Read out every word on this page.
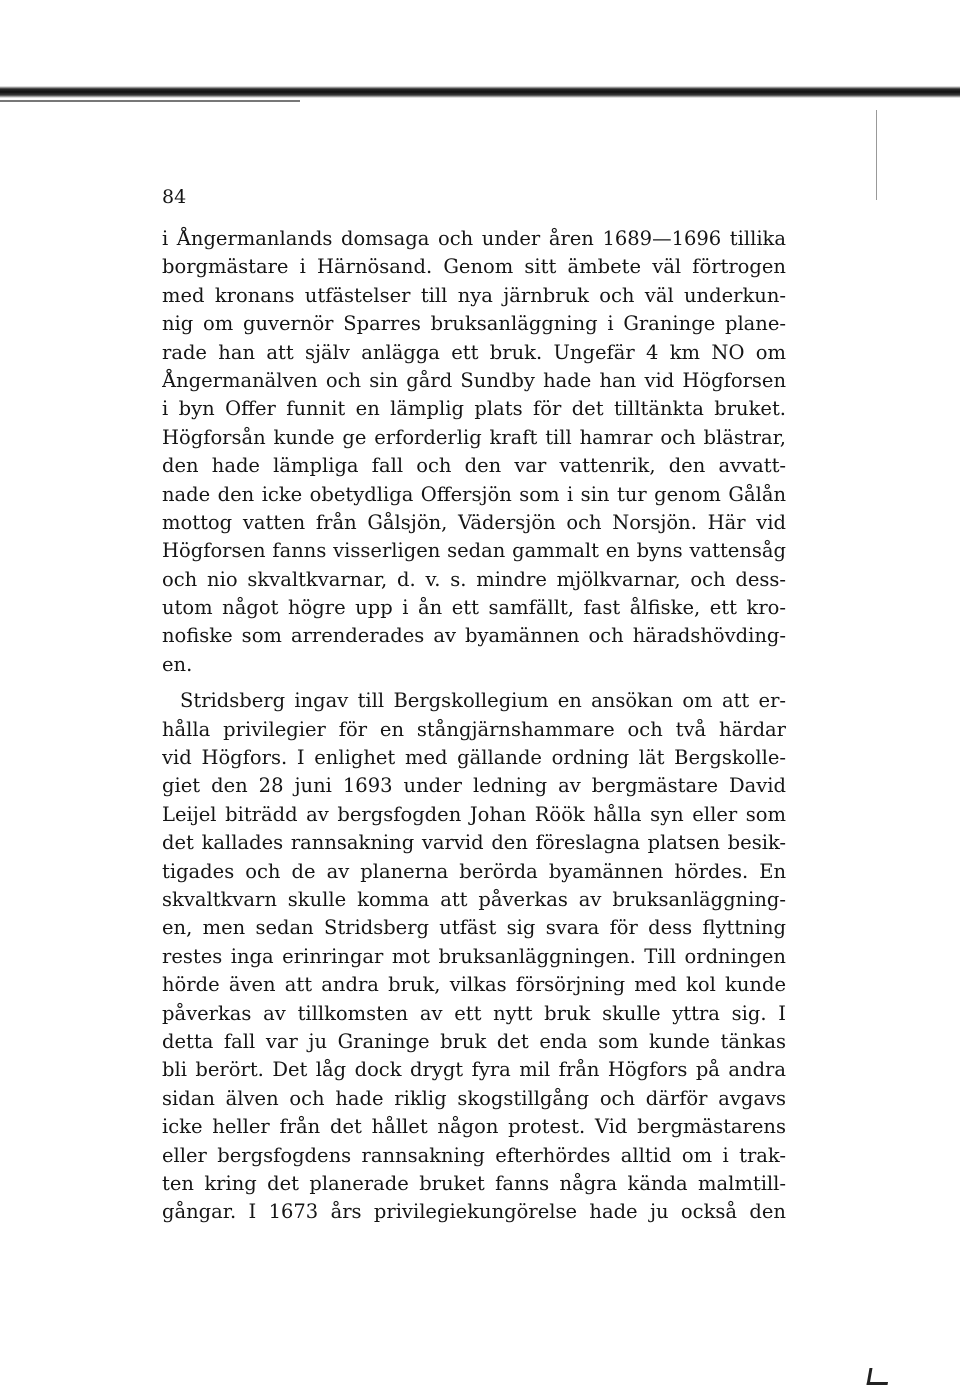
84
i Ångermanlands domsaga och under åren 1689—1696 tillika
borgmästare i Härnösand. Genom sitt ämbete väl förtrogen
med kronans utfästelser till nya järnbruk och väl underkun-
nig om guvernör Sparres bruksanläggning i Graninge plane-
rade han att själv anlägga ett bruk. Ungefär 4 km NO om
Ångermanälven och sin gård Sundby hade han vid Högforsen
i byn Offer funnit en lämplig plats för det tilltänkta bruket.
Högforsån kunde ge erforderlig kraft till hamrar och blästrar,
den hade lämpliga fall och den var vattenrik, den avvatt-
nade den icke obetydliga Offersjön som i sin tur genom Gålån
mottog vatten från Gålsjön, Vädersjön och Norsjön. Här vid
Högforsen fanns visserligen sedan gammalt en byns vattensåg
och nio skvaltkvarnar, d. v. s. mindre mjölkvarnar, och dess-
utom något högre upp i ån ett samfällt, fast ålfiske, ett kro-
nofiske som arrenderades av byamännen och häradshövding-
en.
Stridsberg ingav till Bergskollegium en ansökan om att er-
hålla privilegier för en stångjärnshammare och två härdar
vid Högfors. I enlighet med gällande ordning lät Bergskolle-
giet den 28 juni 1693 under ledning av bergmästare David
Leijel biträdd av bergsfogden Johan Röök hålla syn eller som
det kallades rannsakning varvid den föreslagna platsen besik-
tigades och de av planerna berörda byamännen hördes. En
skvaltkvarn skulle komma att påverkas av bruksanläggning-
en, men sedan Stridsberg utfäst sig svara för dess flyttning
restes inga erinringar mot bruksanläggningen. Till ordningen
hörde även att andra bruk, vilkas försörjning med kol kunde
påverkas av tillkomsten av ett nytt bruk skulle yttra sig. I
detta fall var ju Graninge bruk det enda som kunde tänkas
bli berört. Det låg dock drygt fyra mil från Högfors på andra
sidan älven och hade riklig skogstillgång och därför avgavs
icke heller från det hållet någon protest. Vid bergmästarens
eller bergsfogdens rannsakning efterhördes alltid om i trak-
ten kring det planerade bruket fanns några kända malmtill-
gångar. I 1673 års privilegiekungörelse hade ju också den
